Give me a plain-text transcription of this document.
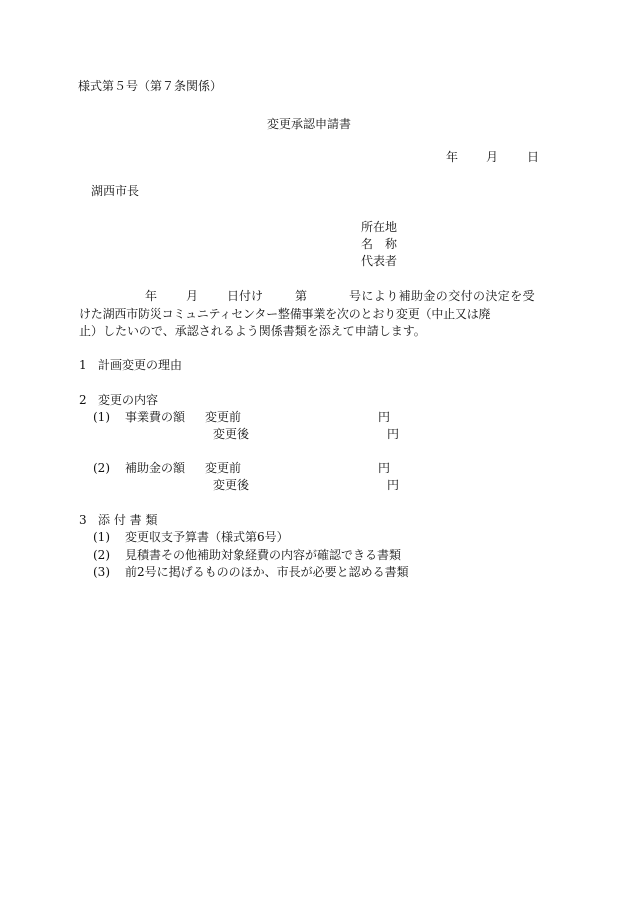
様式第５号（第７条関係）
変更承認申請書
年 月 日
湖西市長
所在地
名　称
代表者
年 月 日付け	第	号により補助金の交付の決定を受
けた湖西市防災コミュニティセンター整備事業を次のとおり変更（中止又は廃
止）したいので、承認されるよう関係書類を添えて申請します。
1 計画変更の理由
2 変更の内容
(1) 事業費の額 変更前	円
変更後	円
(2) 補助金の額 変更前	円
変更後	円
3 添 付 書 類
(1) 変更収支予算書（様式第6号）
(2) 見積書その他補助対象経費の内容が確認できる書類
(3) 前2号に掲げるもののほか、市長が必要と認める書類
